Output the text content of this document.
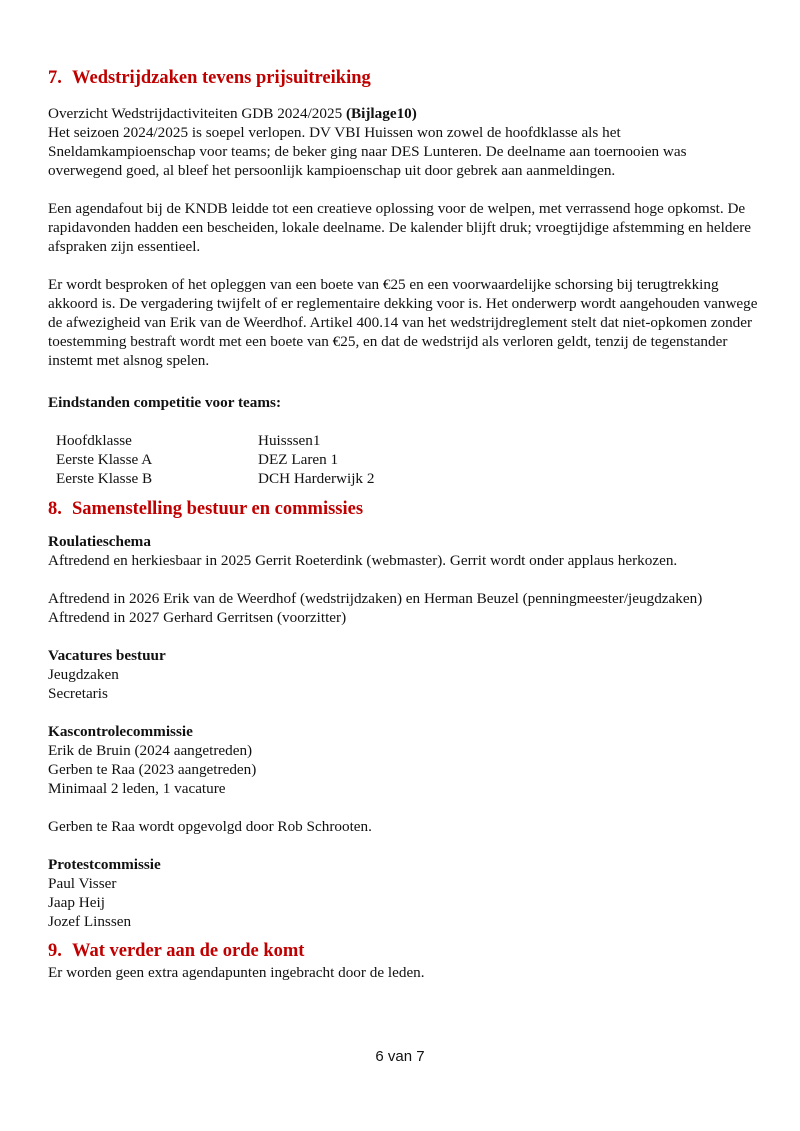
7. Wedstrijdzaken tevens prijsuitreiking

Overzicht Wedstrijdactiviteiten GDB 2024/2025 (Bijlage10)

Het seizoen 2024/2025 is soepel verlopen. DV VBI Huissen won zowel de hoofdklasse als het Sneldamkampioenschap voor teams; de beker ging naar DES Lunteren. De deelname aan toernooien was overwegend goed, al bleef het persoonlijk kampioenschap uit door gebrek aan aanmeldingen.

Een agendafout bij de KNDB leidde tot een creatieve oplossing voor de welpen, met verrassend hoge opkomst. De rapidavonden hadden een bescheiden, lokale deelname. De kalender blijft druk; vroegtijdige afstemming en heldere afspraken zijn essentieel.

Er wordt besproken of het opleggen van een boete van €25 en een voorwaardelijke schorsing bij terugtrekking akkoord is. De vergadering twijfelt of er reglementaire dekking voor is. Het onderwerp wordt aangehouden vanwege de afwezigheid van Erik van de Weerdhof. Artikel 400.14 van het wedstrijdreglement stelt dat niet-opkomen zonder toestemming bestraft wordt met een boete van €25, en dat de wedstrijd als verloren geldt, tenzij de tegenstander instemt met alsnog spelen.

Eindstanden competitie voor teams:

Hoofdklasse	Huisssen1
Eerste Klasse A	DEZ Laren 1
Eerste Klasse B	DCH Harderwijk 2
8. Samenstelling bestuur en commissies

Roulatieschema

Aftredend en herkiesbaar in 2025 Gerrit Roeterdink (webmaster). Gerrit wordt onder applaus herkozen.

Aftredend in 2026 Erik van de Weerdhof (wedstrijdzaken) en Herman Beuzel (penningmeester/jeugdzaken)

Aftredend in 2027 Gerhard Gerritsen (voorzitter)

Vacatures bestuur

Jeugdzaken

Secretaris

Kascontrolecommissie

Erik de Bruin (2024 aangetreden)

Gerben te Raa (2023 aangetreden)

Minimaal 2 leden, 1 vacature

Gerben te Raa wordt opgevolgd door Rob Schrooten.

Protestcommissie

Paul Visser

Jaap Heij

Jozef Linssen

9. Wat verder aan de orde komt

Er worden geen extra agendapunten ingebracht door de leden.

6 van 7
